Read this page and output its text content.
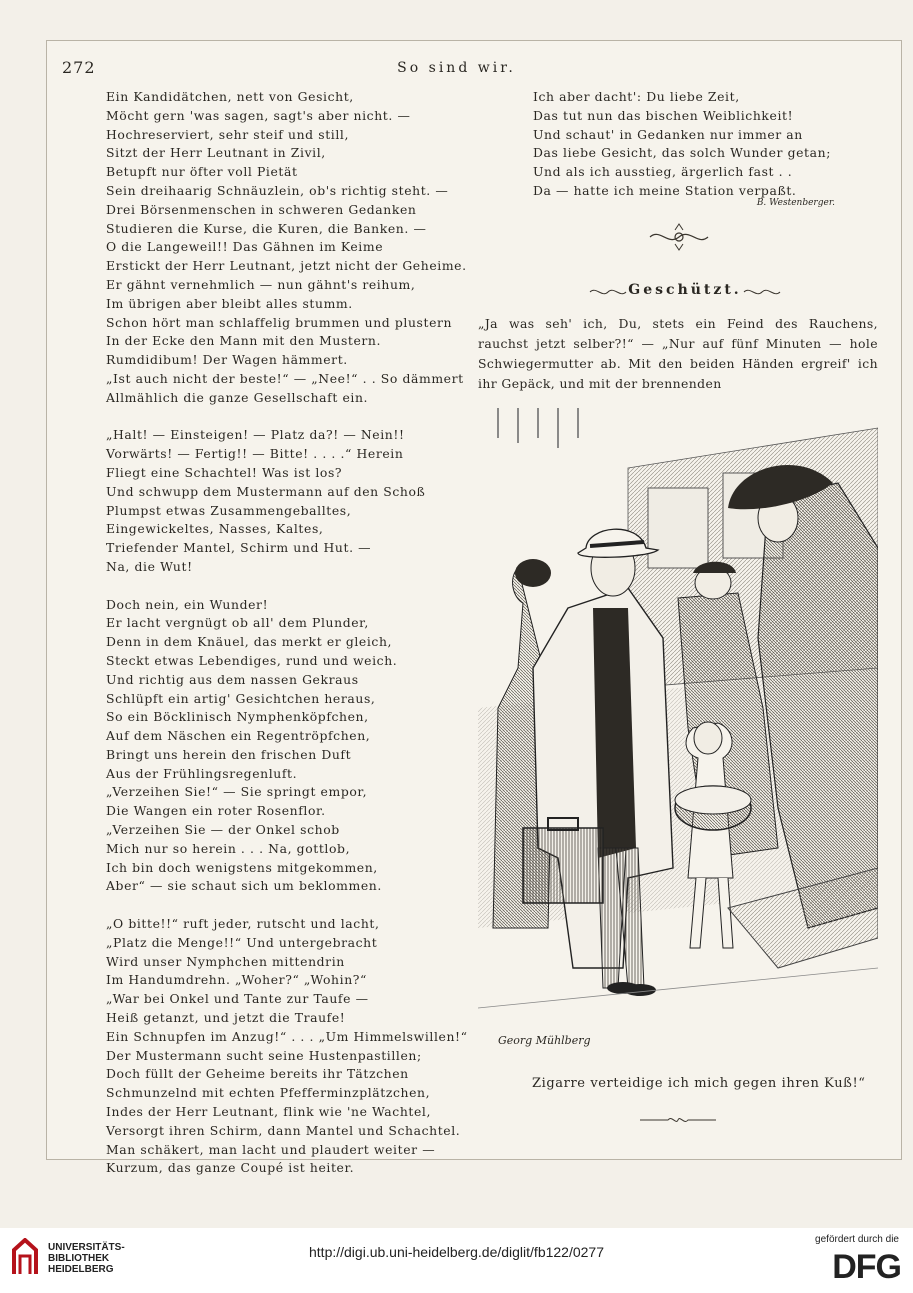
272	So sind wir.
Ein Kandidätchen, nett von Gesicht,
Möcht gern 'was sagen, sagt's aber nicht. —
Hochreserviert, sehr steif und still,
Sitzt der Herr Leutnant in Zivil,
Betupft nur öfter voll Pietät
Sein dreihaarig Schnäuzlein, ob's richtig steht. —
Drei Börsenmenschen in schweren Gedanken
Studieren die Kurse, die Kuren, die Banken. —
O die Langeweil!! Das Gähnen im Keime
Erstickt der Herr Leutnant, jetzt nicht der Geheime.
Er gähnt vernehmlich — nun gähnt's reihum,
Im übrigen aber bleibt alles stumm.
Schon hört man schlaffelig brummen und plustern
In der Ecke den Mann mit den Mustern.
Rumdidibum! Der Wagen hämmert.
„Ist auch nicht der beste!“ — „Nee!“ . . So dämmert
Allmählich die ganze Gesellschaft ein.
„Halt! — Einsteigen! — Platz da?! — Nein!!
Vorwärts! — Fertig!! — Bitte! . . . .“ Herein
Fliegt eine Schachtel! Was ist los?
Und schwupp dem Mustermann auf den Schoß
Plumpst etwas Zusammengeballtes,
Eingewickeltes, Nasses, Kaltes,
Triefender Mantel, Schirm und Hut. —
Na, die Wut!
Doch nein, ein Wunder!
Er lacht vergnügt ob all' dem Plunder,
Denn in dem Knäuel, das merkt er gleich,
Steckt etwas Lebendiges, rund und weich.
Und richtig aus dem nassen Gekraus
Schlüpft ein artig' Gesichtchen heraus,
So ein Böcklinisch Nymphenköpfchen,
Auf dem Näschen ein Regentröpfchen,
Bringt uns herein den frischen Duft
Aus der Frühlingsregenluft.
„Verzeihen Sie!“ — Sie springt empor,
Die Wangen ein roter Rosenflor.
„Verzeihen Sie — der Onkel schob
Mich nur so herein . . . Na, gottlob,
Ich bin doch wenigstens mitgekommen,
Aber“ — sie schaut sich um beklommen.
„O bitte!!“ ruft jeder, rutscht und lacht,
„Platz die Menge!!“ Und untergebracht
Wird unser Nymphchen mittendrin
Im Handumdrehn. „Woher?“ „Wohin?“
„War bei Onkel und Tante zur Taufe —
Heiß getanzt, und jetzt die Traufe!
Ein Schnupfen im Anzug!“ . . . „Um Himmelswillen!“
Der Mustermann sucht seine Hustenpastillen;
Doch füllt der Geheime bereits ihr Tätzchen
Schmunzelnd mit echten Pfefferminzplätzchen,
Indes der Herr Leutnant, flink wie 'ne Wachtel,
Versorgt ihren Schirm, dann Mantel und Schachtel.
Man schäkert, man lacht und plaudert weiter —
Kurzum, das ganze Coupé ist heiter.
Ich aber dacht': Du liebe Zeit,
Das tut nun das bischen Weiblichkeit!
Und schaut' in Gedanken nur immer an
Das liebe Gesicht, das solch Wunder getan;
Und als ich ausstieg, ärgerlich fast . .
Da — hatte ich meine Station verpaßt.
B. Westenberger.
Geschützt.
„Ja was seh' ich, Du, stets ein Feind des Rauchens,
rauchst jetzt selber?!“ — „Nur auf fünf Minuten — hole
Schwiegermutter ab. Mit den beiden Händen ergreif' ich
ihr Gepäck, und mit der brennenden
Georg Mühlberg
Zigarre verteidige ich mich gegen ihren Kuß!“
UNIVERSITÄTS-
BIBLIOTHEK
HEIDELBERG
http://digi.ub.uni-heidelberg.de/diglit/fb122/0277
gefördert durch die
DFG
